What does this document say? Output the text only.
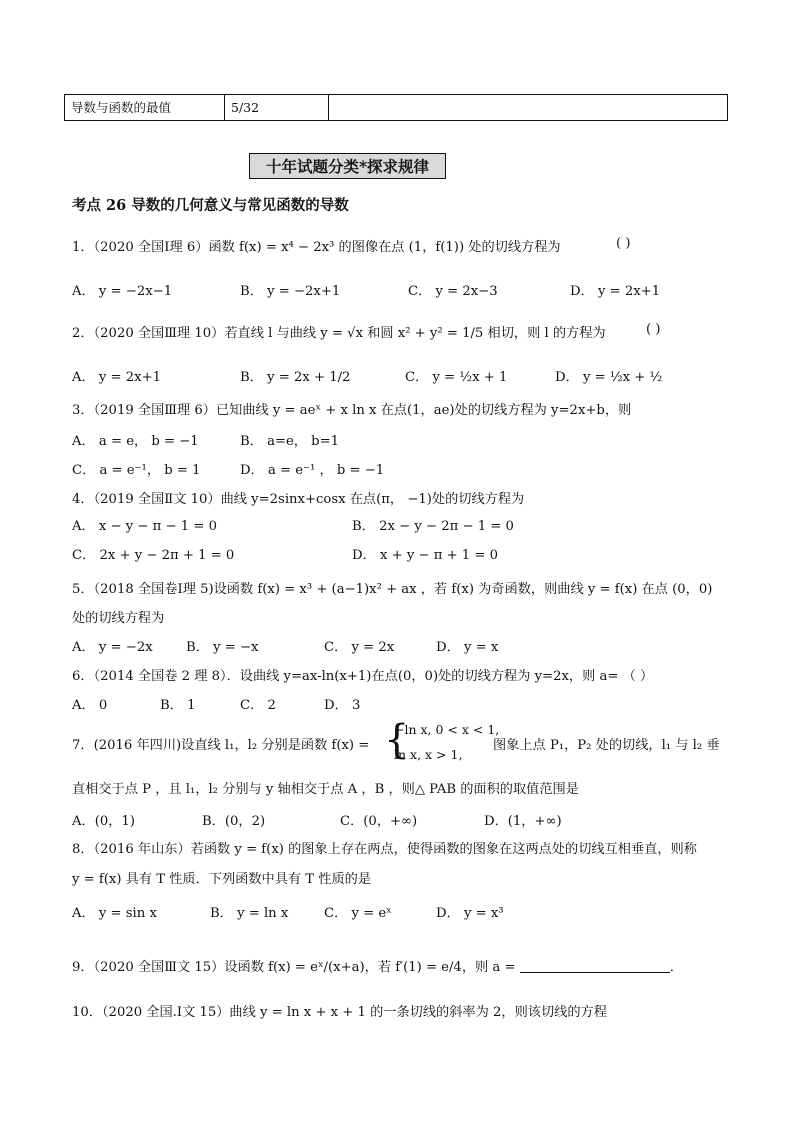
导数与函数的最值	5/32
十年试题分类*探求规律
考点 26 导数的几何意义与常见函数的导数
1．（2020 全国Ⅰ理 6）函数 f(x) = x⁴ − 2x³ 的图像在点 (1，f(1)) 处的切线方程为	( )
A． y = −2x−1	B． y = −2x+1	C． y = 2x−3	D． y = 2x+1
2．（2020 全国Ⅲ理 10）若直线 l 与曲线 y = √x 和圆 x² + y² = 1/5 相切，则 l 的方程为	( )
A． y = 2x+1	B． y = 2x + 1/2	C． y = ½x + 1	D． y = ½x + ½
3．（2019 全国Ⅲ理 6）已知曲线 y = aeˣ + x ln x 在点(1，ae)处的切线方程为 y=2x+b，则
A． a = e， b = −1	B． a=e， b=1
C． a = e⁻¹， b = 1	D． a = e⁻¹ ， b = −1
4．（2019 全国Ⅱ文 10）曲线 y=2sinx+cosx 在点(π， −1)处的切线方程为
A． x − y − π − 1 = 0	B． 2x − y − 2π − 1 = 0
C． 2x + y − 2π + 1 = 0	D． x + y − π + 1 = 0
5．（2018 全国卷Ⅰ理 5)设函数 f(x) = x³ + (a−1)x² + ax ，若 f(x) 为奇函数，则曲线 y = f(x) 在点 (0，0)
处的切线方程为
A． y = −2x	B． y = −x	C． y = 2x	D． y = x
6．（2014 全国卷 2 理 8）．设曲线 y=ax-ln(x+1)在点(0，0)处的切线方程为 y=2x，则 a= （ ）
A． 0	B． 1	C． 2	D． 3
7．(2016 年四川)设直线 l₁，l₂ 分别是函数 f(x) = {
−ln x, 0 < x < 1,
ln x, x > 1,
图象上点 P₁，P₂ 处的切线，l₁ 与 l₂ 垂
直相交于点 P ，且 l₁，l₂ 分别与 y 轴相交于点 A ，B ，则△ PAB 的面积的取值范围是
A．(0，1)	B．(0，2)	C．(0，+∞)	D．(1，+∞)
8．（2016 年山东）若函数 y = f(x) 的图象上存在两点，使得函数的图象在这两点处的切线互相垂直，则称
y = f(x) 具有 T 性质．下列函数中具有 T 性质的是
A． y = sin x	B． y = ln x	C． y = eˣ	D． y = x³
9．（2020 全国Ⅲ文 15）设函数 f(x) = eˣ/(x+a)，若 f′(1) = e/4，则 a =	．
10．（2020 全国.Ⅰ文 15）曲线 y = ln x + x + 1 的一条切线的斜率为 2，则该切线的方程
